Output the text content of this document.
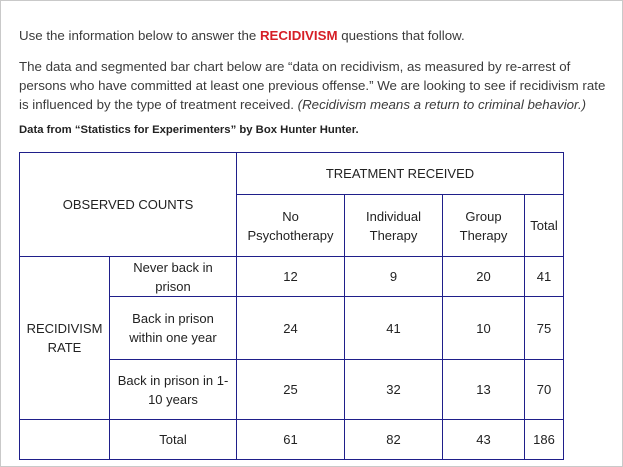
Use the information below to answer the RECIDIVISM questions that follow.
The data and segmented bar chart below are “data on recidivism, as measured by re-arrest of persons who have committed at least one previous offense.” We are looking to see if recidivism rate is influenced by the type of treatment received. (Recidivism means a return to criminal behavior.)
Data from “Statistics for Experimenters” by Box Hunter Hunter.
OBSERVED COUNTS		TREATMENT RECEIVED			
		No Psychotherapy	Individual Therapy	Group Therapy	Total
RECIDIVISM RATE	Never back in prison	12	9	20	41
	Back in prison within one year	24	41	10	75
	Back in prison in 1-10 years	25	32	13	70
	Total	61	82	43	186
